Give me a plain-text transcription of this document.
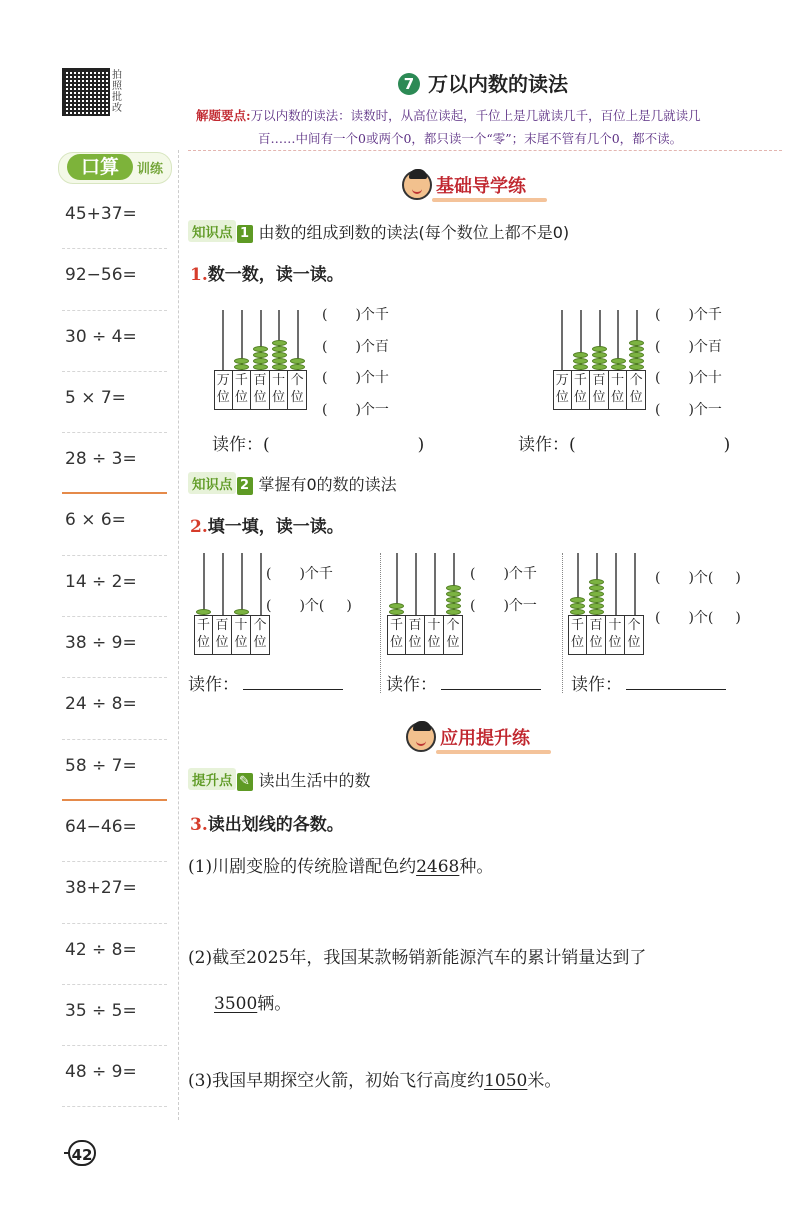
拍照批改
口算	训练
45+37=
92−56=
30 ÷ 4=
5 × 7=
28 ÷ 3=
6 × 6=
14 ÷ 2=
38 ÷ 9=
24 ÷ 8=
58 ÷ 7=
64−46=
38+27=
42 ÷ 8=
35 ÷ 5=
48 ÷ 9=
42
7 万以内数的读法
解题要点:万以内数的读法：读数时，从高位读起，千位上是几就读几千，百位上是几就读几
百……中间有一个0或两个0，都只读一个“零”；末尾不管有几个0，都不读。
基础导学练
知识点 1 由数的组成到数的读法(每个数位上都不是0)
1.数一数，读一读。
万
位
千
位
百
位
十
位
个
位
万
位
千
位
百
位
十
位
个
位
(　　)个千
(　　)个百
(　　)个十
(　　)个一
(　　)个千
(　　)个百
(　　)个十
(　　)个一
读作：(	)	读作：(	)
知识点 2 掌握有0的数的读法
2.填一填，读一读。
千
位
百
位
十
位
个
位
千
位
百
位
十
位
个
位
千
位
百
位
十
位
个
位
(　　)个千
(　　)个( )
(　　)个千
(　　)个一
(　　)个( )
(　　)个( )
读作：	读作：	读作：
应用提升练
提升点 ✎ 读出生活中的数
3.读出划线的各数。
(1)川剧变脸的传统脸谱配色约2468种。
(2)截至2025年，我国某款畅销新能源汽车的累计销量达到了
3500辆。
(3)我国早期探空火箭，初始飞行高度约1050米。
